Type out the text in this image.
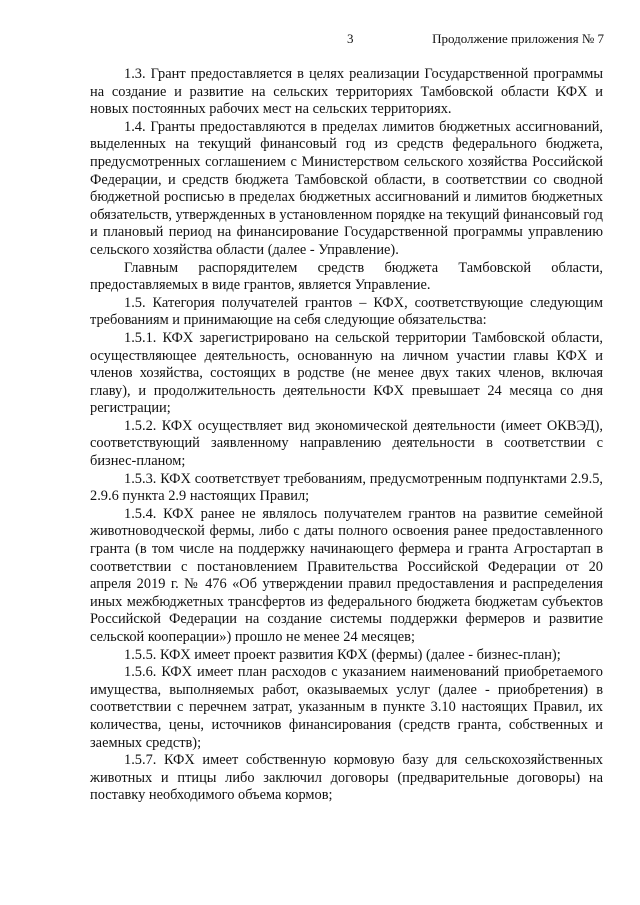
3	Продолжение приложения № 7

1.3. Грант предоставляется в целях реализации Государственной программы на создание и развитие на сельских территориях Тамбовской области КФХ и новых постоянных рабочих мест на сельских территориях.

1.4. Гранты предоставляются в пределах лимитов бюджетных ассигнований, выделенных на текущий финансовый год из средств федерального бюджета, предусмотренных соглашением с Министерством сельского хозяйства Российской Федерации, и средств бюджета Тамбовской области, в соответствии со сводной бюджетной росписью в пределах бюджетных ассигнований и лимитов бюджетных обязательств, утвержденных в установленном порядке на текущий финансовый год и плановый период на финансирование Государственной программы управлению сельского хозяйства области (далее - Управление).

Главным распорядителем средств бюджета Тамбовской области, предоставляемых в виде грантов, является Управление.

1.5. Категория получателей грантов – КФХ, соответствующие следующим требованиям и принимающие на себя следующие обязательства:

1.5.1. КФХ зарегистрировано на сельской территории Тамбовской области, осуществляющее деятельность, основанную на личном участии главы КФХ и членов хозяйства, состоящих в родстве (не менее двух таких членов, включая главу), и продолжительность деятельности КФХ превышает 24 месяца со дня регистрации;

1.5.2. КФХ осуществляет вид экономической деятельности (имеет ОКВЭД), соответствующий заявленному направлению деятельности в соответствии с бизнес-планом;

1.5.3. КФХ соответствует требованиям, предусмотренным подпунктами 2.9.5, 2.9.6 пункта 2.9 настоящих Правил;

1.5.4. КФХ ранее не являлось получателем грантов на развитие семейной животноводческой фермы, либо с даты полного освоения ранее предоставленного гранта (в том числе на поддержку начинающего фермера и гранта Агростартап в соответствии с постановлением Правительства Российской Федерации от 20 апреля 2019 г. № 476 «Об утверждении правил предоставления и распределения иных межбюджетных трансфертов из федерального бюджета бюджетам субъектов Российской Федерации на создание системы поддержки фермеров и развитие сельской кооперации») прошло не менее 24 месяцев;

1.5.5. КФХ имеет проект развития КФХ (фермы) (далее - бизнес-план);

1.5.6. КФХ имеет план расходов с указанием наименований приобретаемого имущества, выполняемых работ, оказываемых услуг (далее - приобретения) в соответствии с перечнем затрат, указанным в пункте 3.10 настоящих Правил, их количества, цены, источников финансирования (средств гранта, собственных и заемных средств);

1.5.7. КФХ имеет собственную кормовую базу для сельскохозяйственных животных и птицы либо заключил договоры (предварительные договоры) на поставку необходимого объема кормов;
